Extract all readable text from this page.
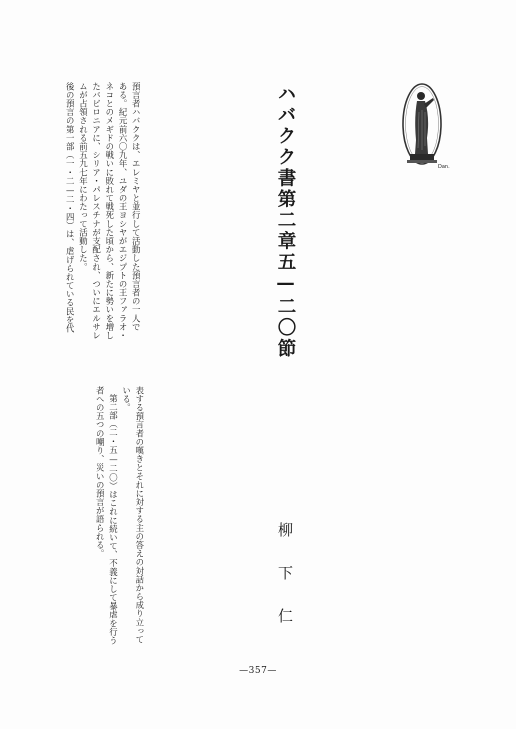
ハバクク書第二章五—二〇節
柳
下
仁
預言者ハバククは、エレミヤと並行して活動した預言者の一人で
ある。紀元前六〇九年、ユダの王ヨシヤがエジプトの王ファラオ・
ネコとのメギドの戦いに敗れて戦死した頃から、新たに勢いを増し
たバビロニアに、シリア・パレスチナが支配され、ついにエルサレ
ムが占領される前五九七年にわたって活動した。
後の預言の第一部（一・二—二・四）は、虐げられている民を代
表する預言者の嘆きとそれに対する主の答えの対話から成り立って
いる。
第二部（二・五—二〇）はこれに続いて、不義にして暴虐を行う
者への五つの嘲り、災いの預言が語られる。
Dan.
—357—
